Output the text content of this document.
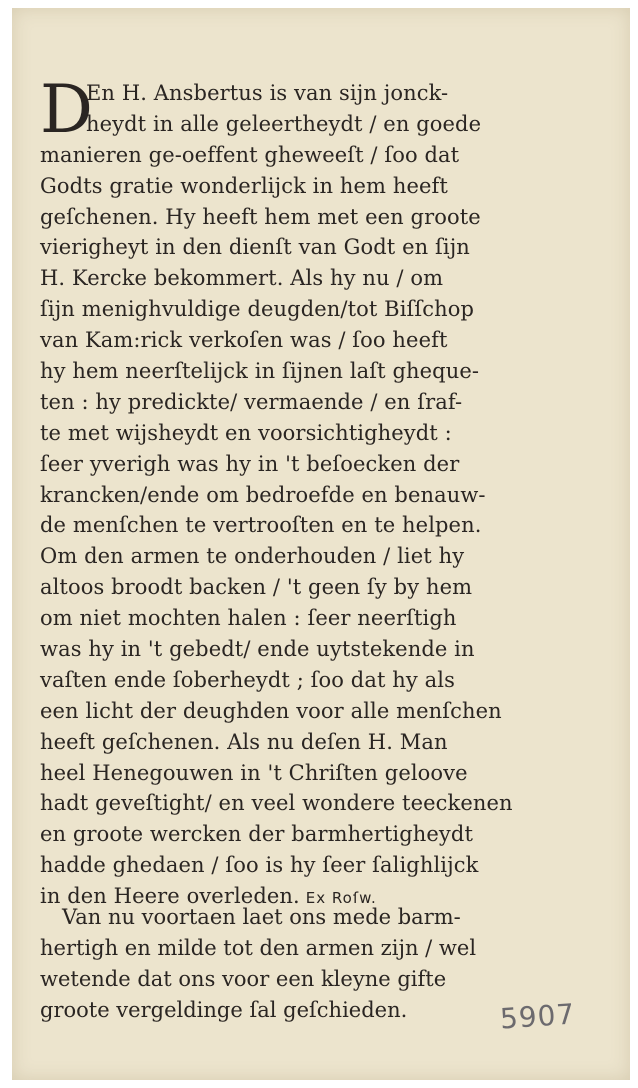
D
En H. Ansbertus is van sijn jonck-
heydt in alle geleertheydt / en goede
manieren ge-oeffent gheweeſt / ſoo dat
Godts gratie wonderlijck in hem heeft
geſchenen. Hy heeft hem met een groote
vierigheyt in den dienſt van Godt en ſijn
H. Kercke bekommert. Als hy nu / om
ſijn menighvuldige deugden/tot Biſſchop
van Kam:rick verkoſen was / ſoo heeft
hy hem neerſtelijck in ſijnen laſt gheque-
ten : hy predickte/ vermaende / en ſraf-
te met wijsheydt en voorsichtigheydt :
ſeer yverigh was hy in 't beſoecken der
krancken/ende om bedroefde en benauw-
de menſchen te vertrooſten en te helpen.
Om den armen te onderhouden / liet hy
altoos broodt backen / 't geen ſy by hem
om niet mochten halen : ſeer neerſtigh
was hy in 't gebedt/ ende uytstekende in
vaſten ende ſoberheydt ; ſoo dat hy als
een licht der deughden voor alle menſchen
heeft geſchenen. Als nu deſen H. Man
heel Henegouwen in 't Chriſten geloove
hadt geveſtight/ en veel wondere teeckenen
en groote wercken der barmhertigheydt
hadde ghedaen / ſoo is hy ſeer ſalighlijck
in den Heere overleden. Ex Roſw.
Van nu voortaen laet ons mede barm-
hertigh en milde tot den armen zijn / wel
wetende dat ons voor een kleyne gifte
groote vergeldinge ſal geſchieden.	5907
